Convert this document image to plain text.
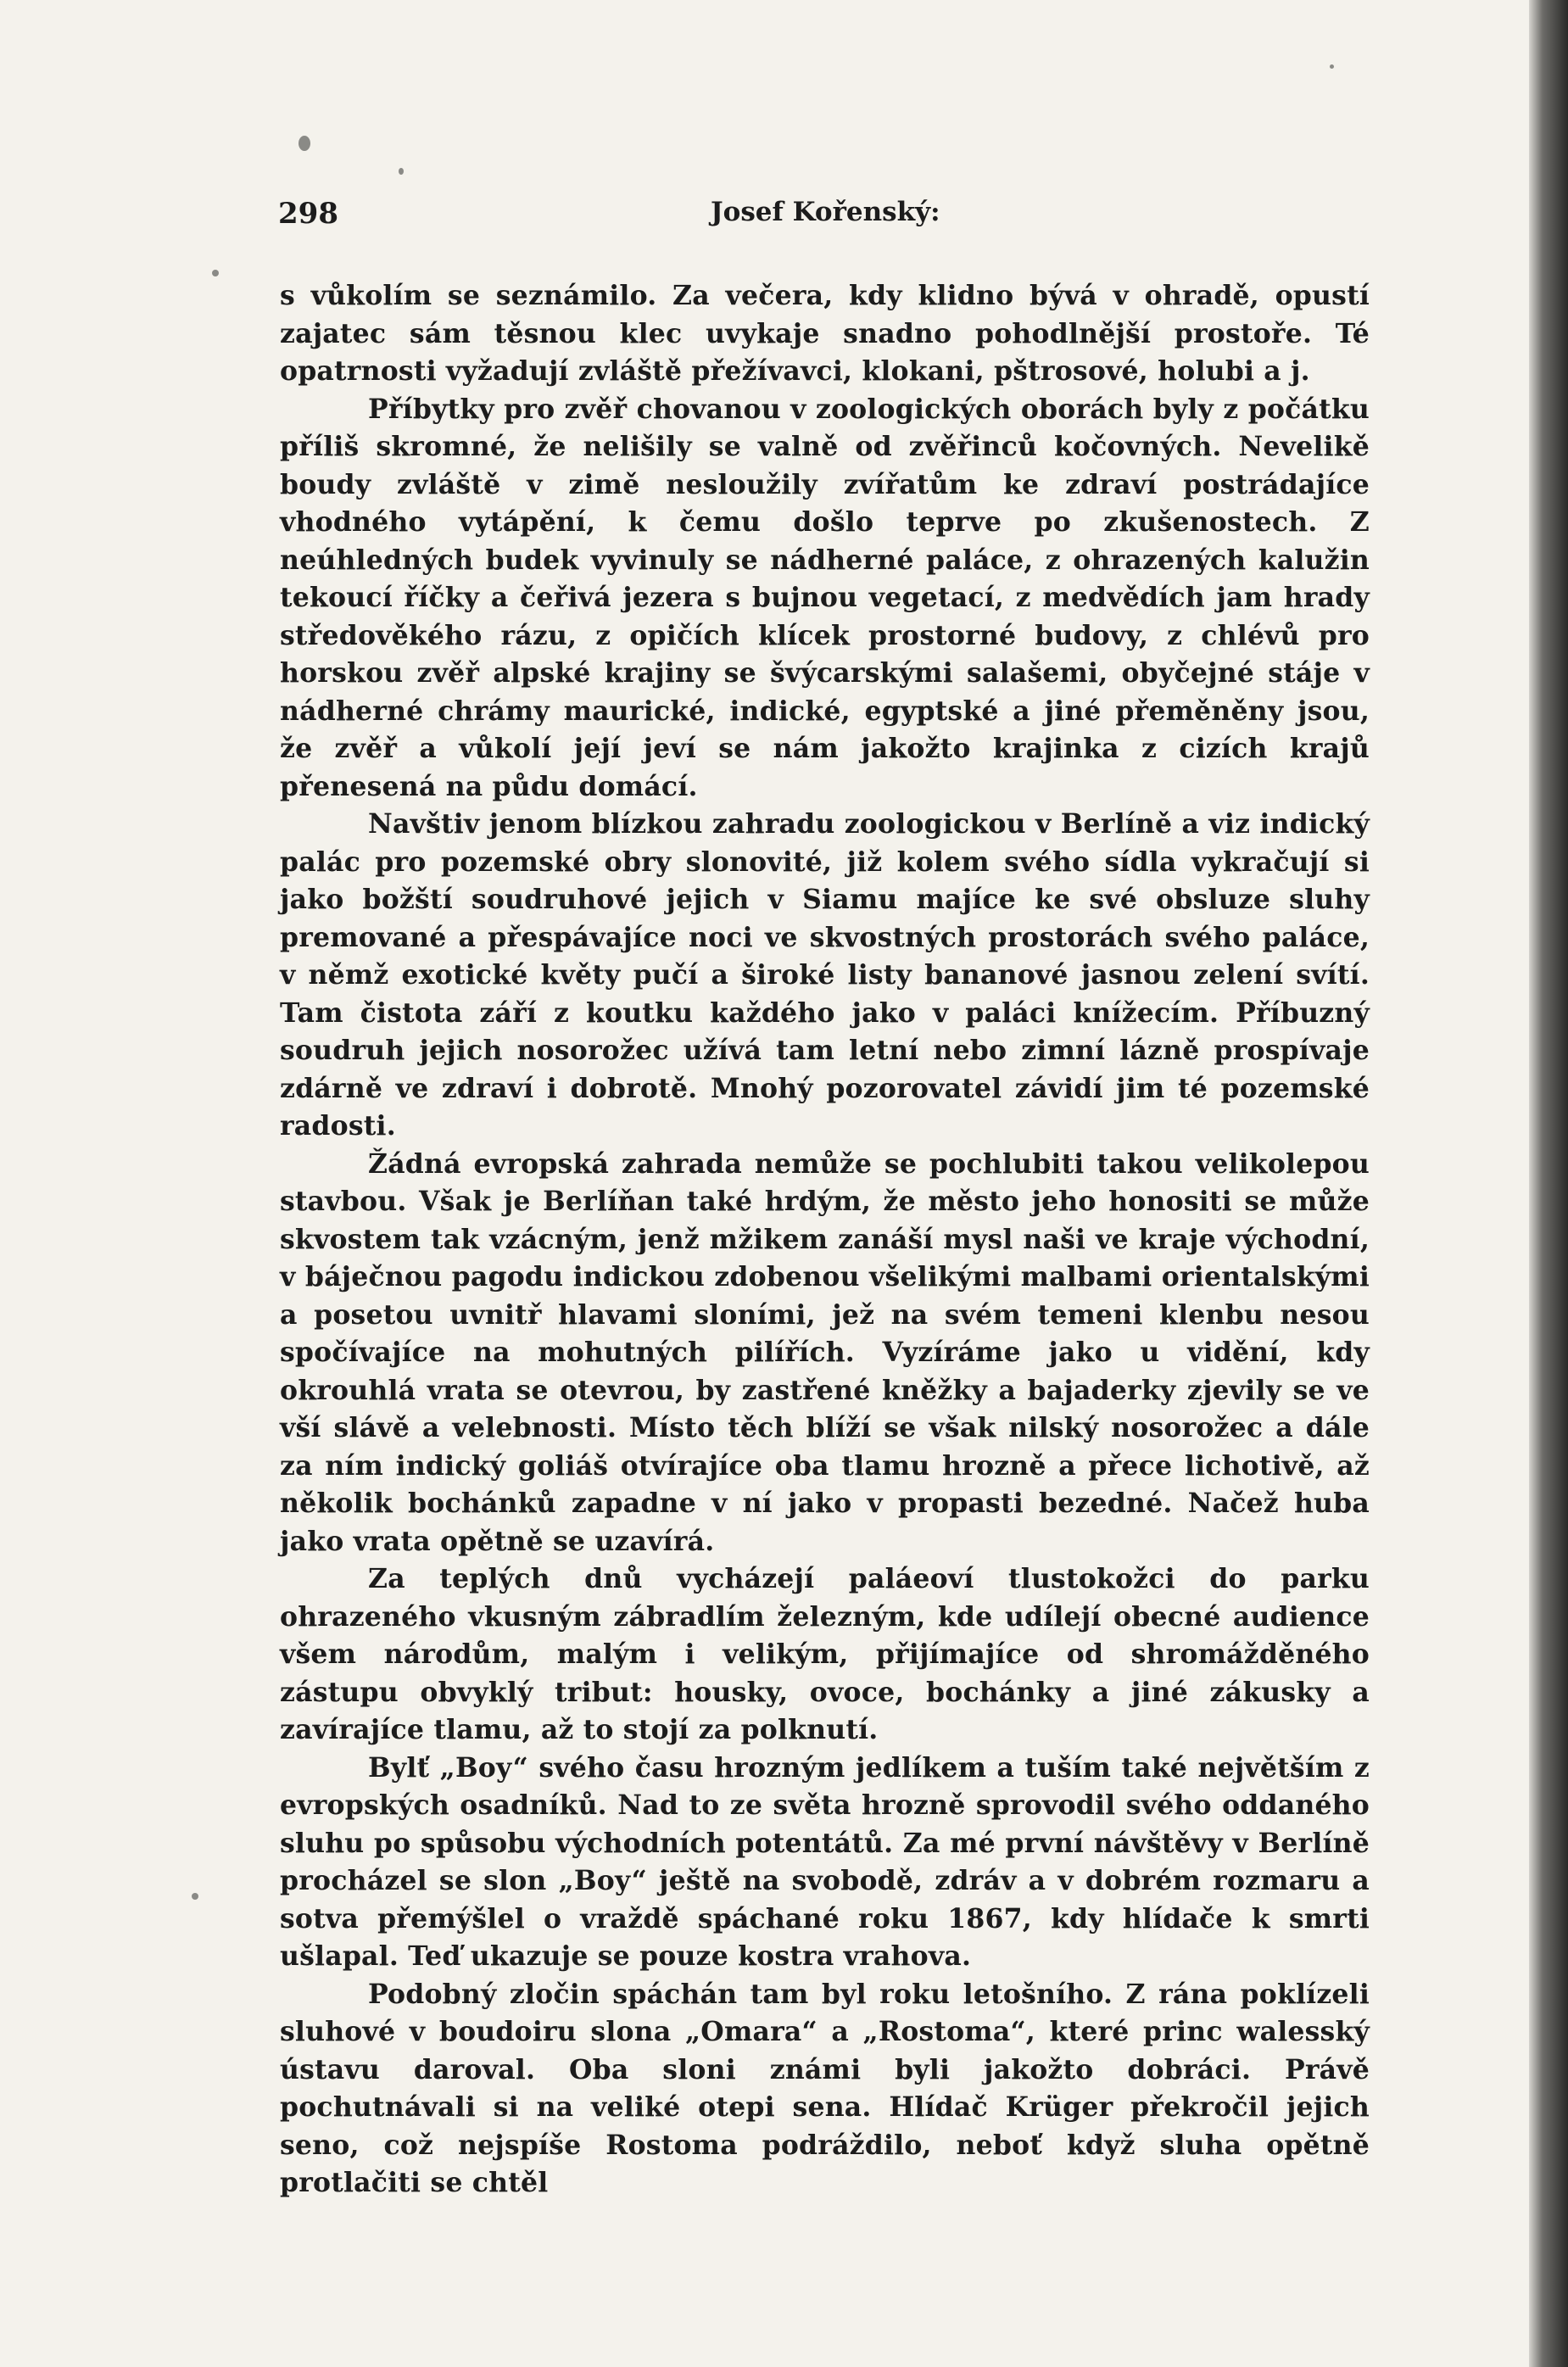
298	Josef Kořenský:

s vůkolím se seznámilo. Za večera, kdy klidno bývá v ohradě, opustí zajatec sám těsnou klec uvykaje snadno pohodlnější prostoře. Té opatrnosti vyžadují zvláště přežívavci, klokani, pštrosové, holubi a j.

Příbytky pro zvěř chovanou v zoologických oborách byly z počátku příliš skromné, že nelišily se valně od zvěřinců kočovných. Nevelikě boudy zvláště v zimě nesloužily zvířatům ke zdraví postrádajíce vhodného vytápění, k čemu došlo teprve po zkušenostech. Z neúhledných budek vyvinuly se nádherné paláce, z ohrazených kalužin tekoucí říčky a čeřivá jezera s bujnou vegetací, z medvědích jam hrady středověkého rázu, z opičích klícek prostorné budovy, z chlévů pro horskou zvěř alpské krajiny se švýcarskými salašemi, obyčejné stáje v nádherné chrámy maurické, indické, egyptské a jiné přeměněny jsou, že zvěř a vůkolí její jeví se nám jakožto krajinka z cizích krajů přenesená na půdu domácí.

Navštiv jenom blízkou zahradu zoologickou v Berlíně a viz indický palác pro pozemské obry slonovité, již kolem svého sídla vykračují si jako božští soudruhové jejich v Siamu majíce ke své obsluze sluhy premované a přespávajíce noci ve skvostných prostorách svého paláce, v němž exotické květy pučí a široké listy bananové jasnou zelení svítí. Tam čistota září z koutku každého jako v paláci knížecím. Příbuzný soudruh jejich nosorožec užívá tam letní nebo zimní lázně prospívaje zdárně ve zdraví i dobrotě. Mnohý pozorovatel závidí jim té pozemské radosti.

Žádná evropská zahrada nemůže se pochlubiti takou velikolepou stavbou. Však je Berlíňan také hrdým, že město jeho honositi se může skvostem tak vzácným, jenž mžikem zanáší mysl naši ve kraje východní, v báječnou pagodu indickou zdobenou všelikými malbami orientalskými a posetou uvnitř hlavami sloními, jež na svém temeni klenbu nesou spočívajíce na mohutných pilířích. Vyzíráme jako u vidění, kdy okrouhlá vrata se otevrou, by zastřené kněžky a bajaderky zjevily se ve vší slávě a velebnosti. Místo těch blíží se však nilský nosorožec a dále za ním indický goliáš otvírajíce oba tlamu hrozně a přece lichotivě, až několik bochánků zapadne v ní jako v propasti bezedné. Načež huba jako vrata opětně se uzavírá.

Za teplých dnů vycházejí paláeoví tlustokožci do parku ohrazeného vkusným zábradlím železným, kde udílejí obecné audience všem národům, malým i velikým, přijímajíce od shromážděného zástupu obvyklý tribut: housky, ovoce, bochánky a jiné zákusky a zavírajíce tlamu, až to stojí za polknutí.

Bylť „Boy“ svého času hrozným jedlíkem a tuším také největším z evropských osadníků. Nad to ze světa hrozně sprovodil svého oddaného sluhu po spůsobu východních potentátů. Za mé první návštěvy v Berlíně procházel se slon „Boy“ ještě na svobodě, zdráv a v dobrém rozmaru a sotva přemýšlel o vraždě spáchané roku 1867, kdy hlídače k smrti ušlapal. Teď ukazuje se pouze kostra vrahova.

Podobný zločin spáchán tam byl roku letošního. Z rána poklízeli sluhové v boudoiru slona „Omara“ a „Rostoma“, které princ walesský ústavu daroval. Oba sloni známi byli jakožto dobráci. Právě pochutnávali si na veliké otepi sena. Hlídač Krüger překročil jejich seno, což nejspíše Rostoma podráždilo, neboť když sluha opětně protlačiti se chtěl
